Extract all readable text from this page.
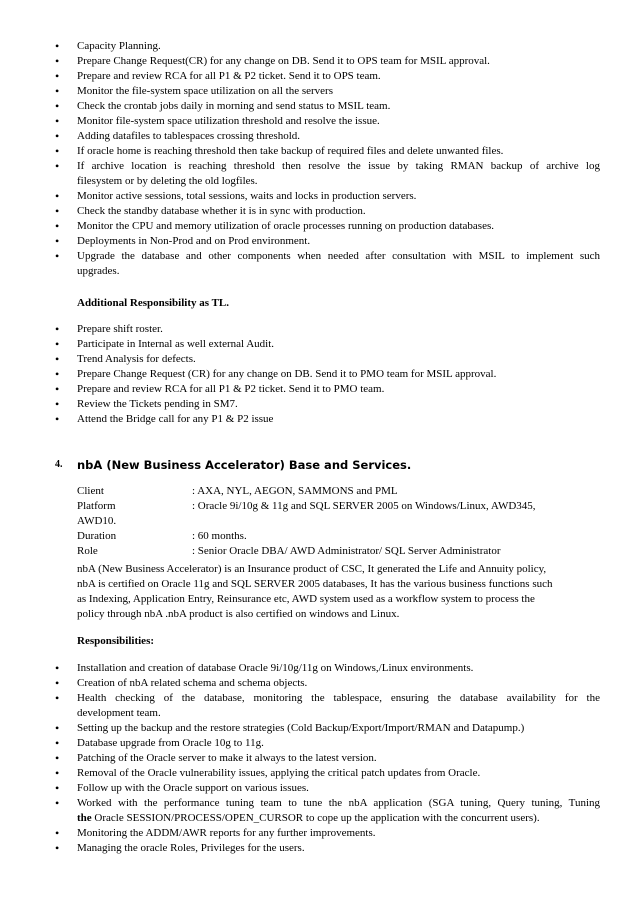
• Capacity Planning.
• Prepare Change Request(CR) for any change on DB. Send it to OPS team for MSIL approval.
• Prepare and review RCA for all P1 & P2 ticket. Send it to OPS team.
• Monitor the file-system space utilization on all the servers
• Check the crontab jobs daily in morning and send status to MSIL team.
• Monitor file-system space utilization threshold and resolve the issue.
• Adding datafiles to tablespaces crossing threshold.
• If oracle home is reaching threshold then take backup of required files and delete unwanted files.
• If archive location is reaching threshold then resolve the issue by taking RMAN backup of archive log
filesystem or by deleting the old logfiles.
• Monitor active sessions, total sessions, waits and locks in production servers.
• Check the standby database whether it is in sync with production.
• Monitor the CPU and memory utilization of oracle processes running on production databases.
• Deployments in Non-Prod and on Prod environment.
• Upgrade the database and other components when needed after consultation with MSIL to implement such
upgrades.
Additional Responsibility as TL.
• Prepare shift roster.
• Participate in Internal as well external Audit.
• Trend Analysis for defects.
• Prepare Change Request (CR) for any change on DB. Send it to PMO team for MSIL approval.
• Prepare and review RCA for all P1 & P2 ticket. Send it to PMO team.
• Review the Tickets pending in SM7.
• Attend the Bridge call for any P1 & P2 issue
4. nbA (New Business Accelerator) Base and Services.
Client	: AXA, NYL, AEGON, SAMMONS and PML
Platform	: Oracle 9i/10g & 11g and SQL SERVER 2005 on Windows/Linux, AWD345,
AWD10.	
Duration	: 60 months.
Role	: Senior Oracle DBA/ AWD Administrator/ SQL Server Administrator
nbA (New Business Accelerator) is an Insurance product of CSC, It generated the Life and Annuity policy,
nbA is certified on Oracle 11g and SQL SERVER 2005 databases, It has the various business functions such
as Indexing, Application Entry, Reinsurance etc, AWD system used as a workflow system to process the
policy through nbA .nbA product is also certified on windows and Linux.
Responsibilities:
• Installation and creation of database Oracle 9i/10g/11g on Windows,/Linux environments.
• Creation of nbA related schema and schema objects.
• Health checking of the database, monitoring the tablespace, ensuring the database availability for the
development team.
• Setting up the backup and the restore strategies (Cold Backup/Export/Import/RMAN and Datapump.)
• Database upgrade from Oracle 10g to 11g.
• Patching of the Oracle server to make it always to the latest version.
• Removal of the Oracle vulnerability issues, applying the critical patch updates from Oracle.
• Follow up with the Oracle support on various issues.
• Worked with the performance tuning team to tune the nbA application (SGA tuning, Query tuning, Tuning
the Oracle SESSION/PROCESS/OPEN_CURSOR to cope up the application with the concurrent users).
• Monitoring the ADDM/AWR reports for any further improvements.
• Managing the oracle Roles, Privileges for the users.
